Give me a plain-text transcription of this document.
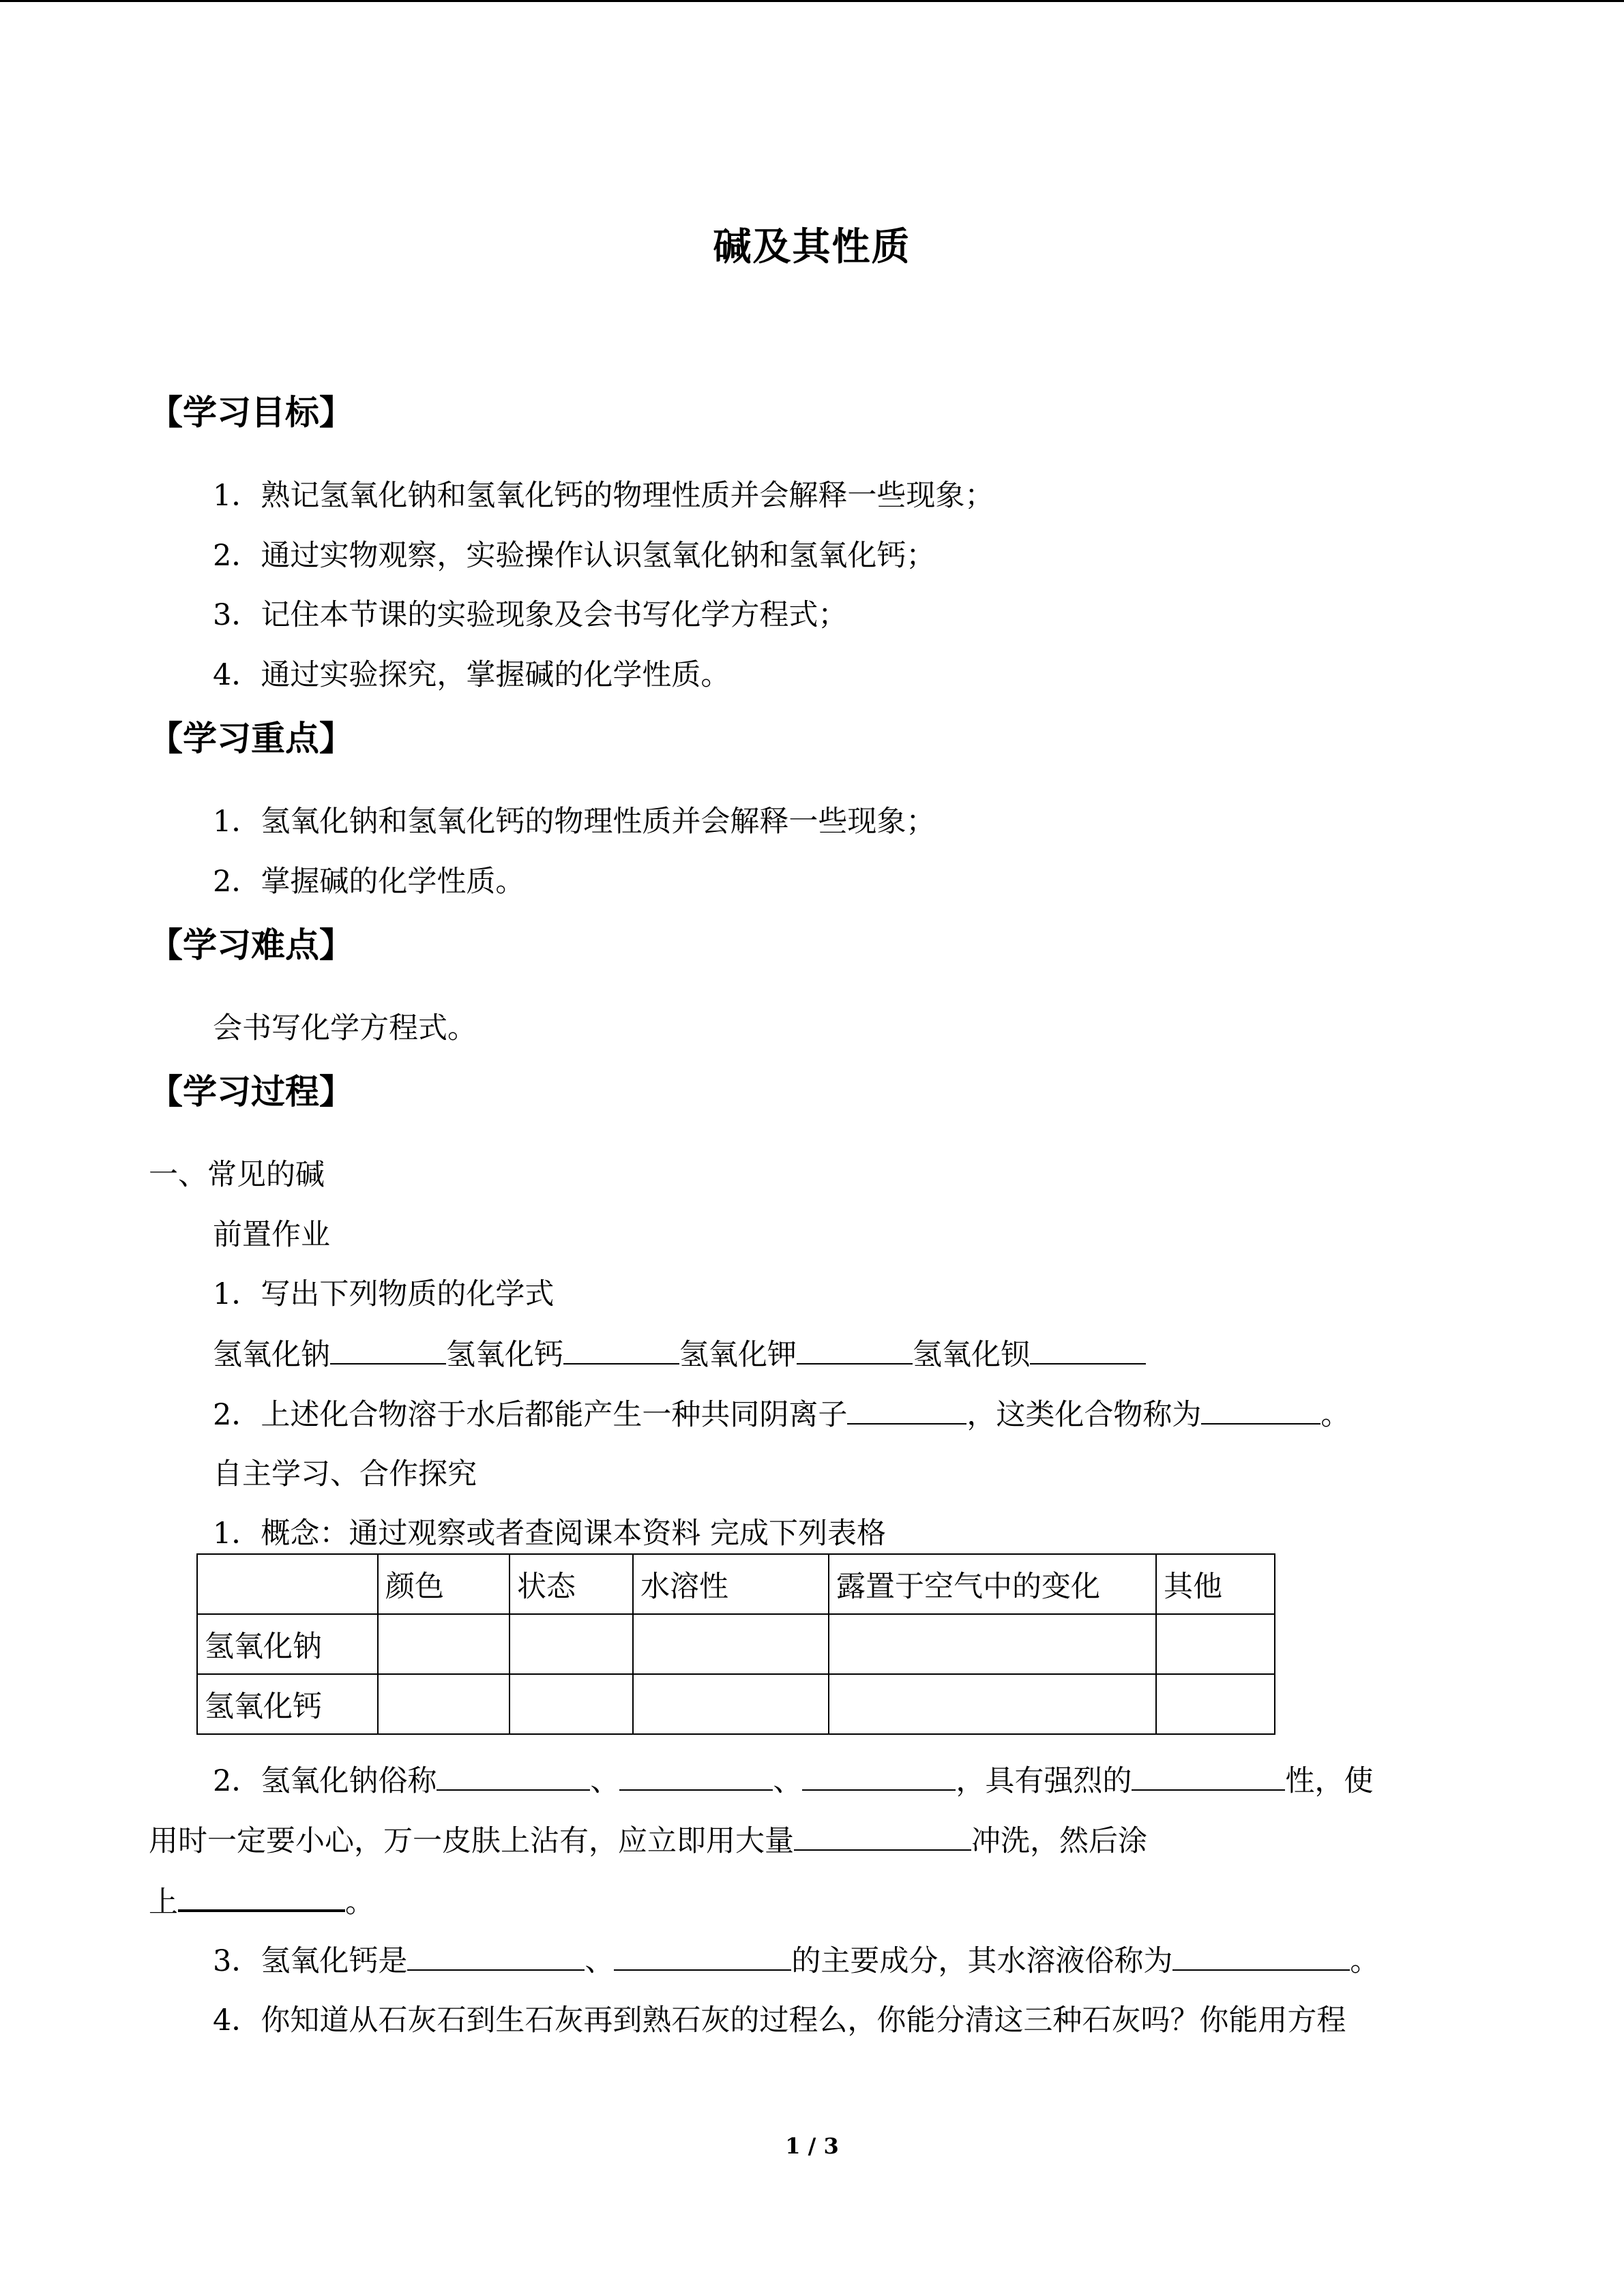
碱及其性质
【学习目标】
1．熟记氢氧化钠和氢氧化钙的物理性质并会解释一些现象；
2．通过实物观察，实验操作认识氢氧化钠和氢氧化钙；
3．记住本节课的实验现象及会书写化学方程式；
4．通过实验探究，掌握碱的化学性质。
【学习重点】
1．氢氧化钠和氢氧化钙的物理性质并会解释一些现象；
2．掌握碱的化学性质。
【学习难点】
会书写化学方程式。
【学习过程】
一、常见的碱
前置作业
1．写出下列物质的化学式
氢氧化钠	氢氧化钙	氢氧化钾	氢氧化钡
2．上述化合物溶于水后都能产生一种共同阴离子	，这类化合物称为	。
自主学习、合作探究
1．概念：通过观察或者查阅课本资料 完成下列表格
	颜色	状态	水溶性	露置于空气中的变化	其他
氢氧化钠					
氢氧化钙					
2．氢氧化钠俗称	、	、	，具有强烈的	性，使
用时一定要小心，万一皮肤上沾有，应立即用大量	冲洗，然后涂
上	。
3．氢氧化钙是	、	的主要成分，其水溶液俗称为	。
4．你知道从石灰石到生石灰再到熟石灰的过程么，你能分清这三种石灰吗？你能用方程
1 / 3
